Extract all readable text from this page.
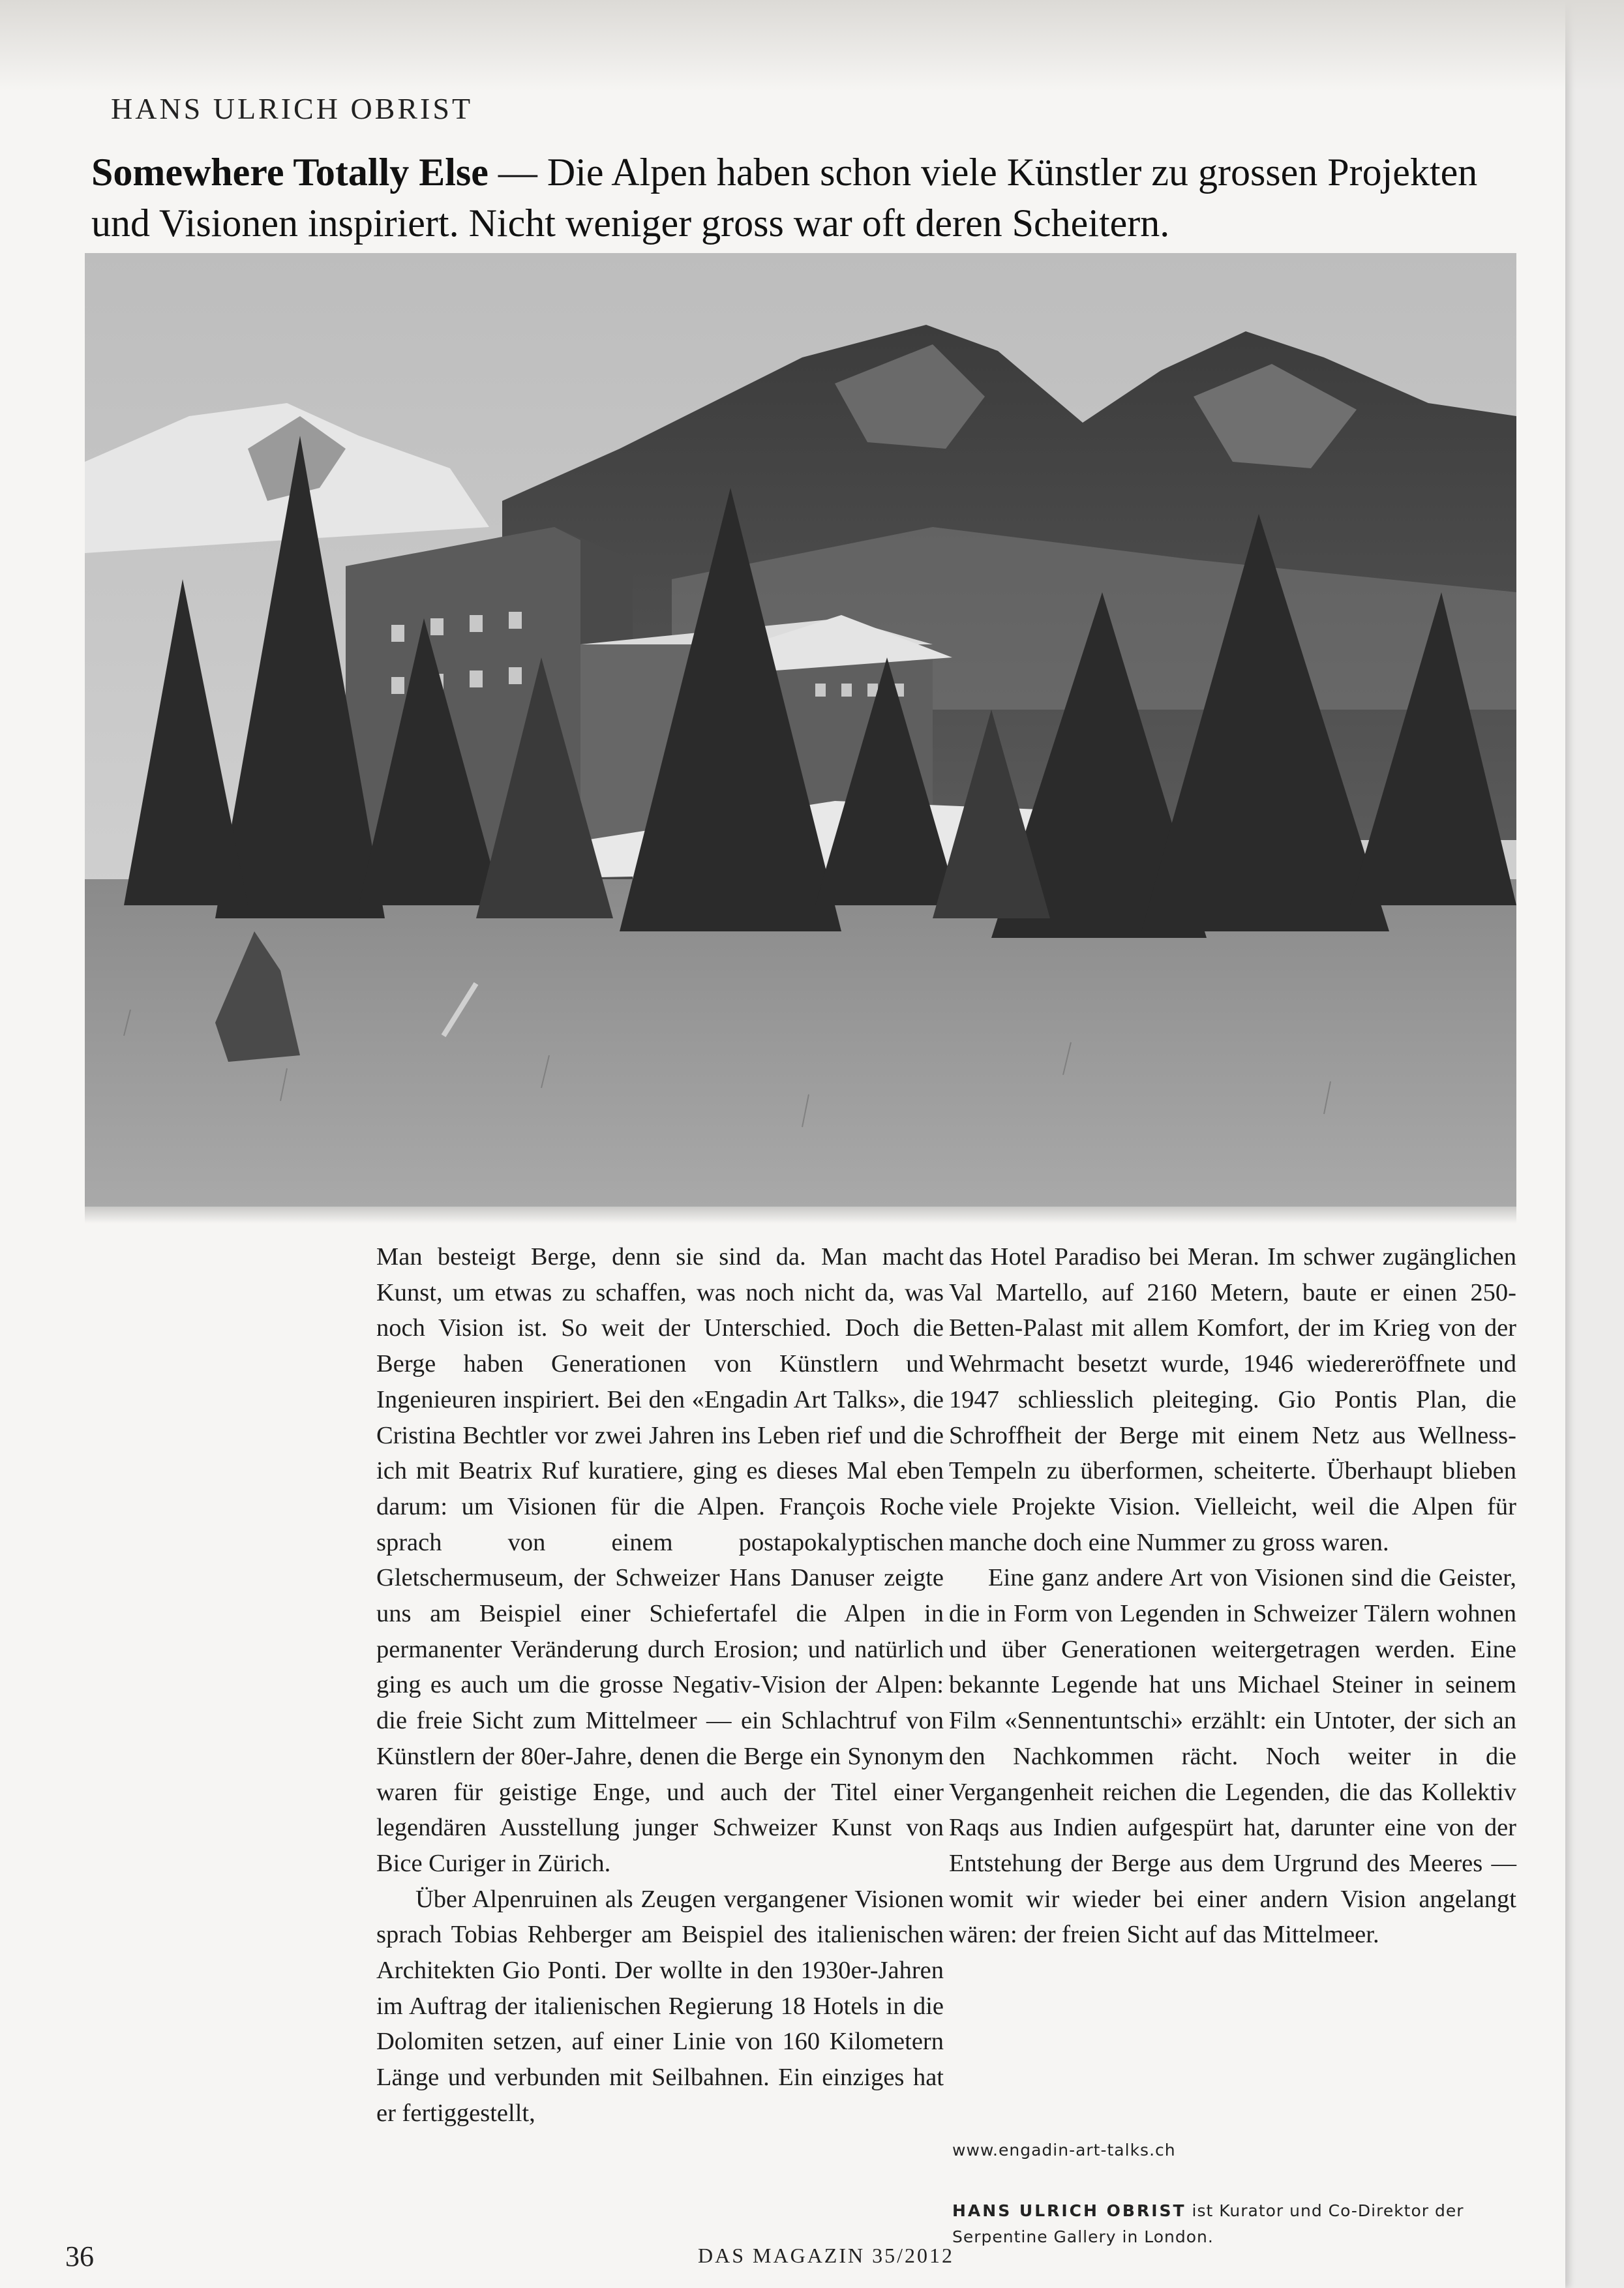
HANS ULRICH OBRIST
Somewhere Totally Else — Die Alpen haben schon viele Künstler zu grossen Projekten und Visionen inspiriert. Nicht weniger gross war oft deren Scheitern.

Man besteigt Berge, denn sie sind da. Man macht Kunst, um etwas zu schaffen, was noch nicht da, was noch Vision ist. So weit der Unterschied. Doch die Berge haben Generationen von Künstlern und Ingenieuren inspiriert. Bei den «Engadin Art Talks», die Cristina Bechtler vor zwei Jahren ins Leben rief und die ich mit Beatrix Ruf kuratiere, ging es dieses Mal eben darum: um Visionen für die Alpen. François Roche sprach von einem postapokalyptischen Gletschermuseum, der Schweizer Hans Danuser zeigte uns am Beispiel einer Schiefertafel die Alpen in permanenter Veränderung durch Erosion; und natürlich ging es auch um die grosse Negativ-Vision der Alpen: die freie Sicht zum Mittelmeer — ein Schlachtruf von Künstlern der 80er-Jahre, denen die Berge ein Synonym waren für geistige Enge, und auch der Titel einer legendären Ausstellung junger Schweizer Kunst von Bice Curiger in Zürich.

Über Alpenruinen als Zeugen vergangener Visionen sprach Tobias Rehberger am Beispiel des italienischen Architekten Gio Ponti. Der wollte in den 1930er-Jahren im Auftrag der italienischen Regierung 18 Hotels in die Dolomiten setzen, auf einer Linie von 160 Kilometern Länge und verbunden mit Seilbahnen. Ein einziges hat er fertiggestellt,

das Hotel Paradiso bei Meran. Im schwer zugänglichen Val Martello, auf 2160 Metern, baute er einen 250-Betten-Palast mit allem Komfort, der im Krieg von der Wehrmacht besetzt wurde, 1946 wiedereröffnete und 1947 schliesslich pleiteging. Gio Pontis Plan, die Schroffheit der Berge mit einem Netz aus Wellness-Tempeln zu überformen, scheiterte. Überhaupt blieben viele Projekte Vision. Vielleicht, weil die Alpen für manche doch eine Nummer zu gross waren.

Eine ganz andere Art von Visionen sind die Geister, die in Form von Legenden in Schweizer Tälern wohnen und über Generationen weitergetragen werden. Eine bekannte Legende hat uns Michael Steiner in seinem Film «Sennentuntschi» erzählt: ein Untoter, der sich an den Nachkommen rächt. Noch weiter in die Vergangenheit reichen die Legenden, die das Kollektiv Raqs aus Indien aufgespürt hat, darunter eine von der Entstehung der Berge aus dem Urgrund des Meeres — womit wir wieder bei einer andern Vision angelangt wären: der freien Sicht auf das Mittelmeer.

www.engadin-art-talks.ch
HANS ULRICH OBRIST ist Kurator und Co-Direktor der Serpentine Gallery in London.
36	DAS MAGAZIN 35/2012
